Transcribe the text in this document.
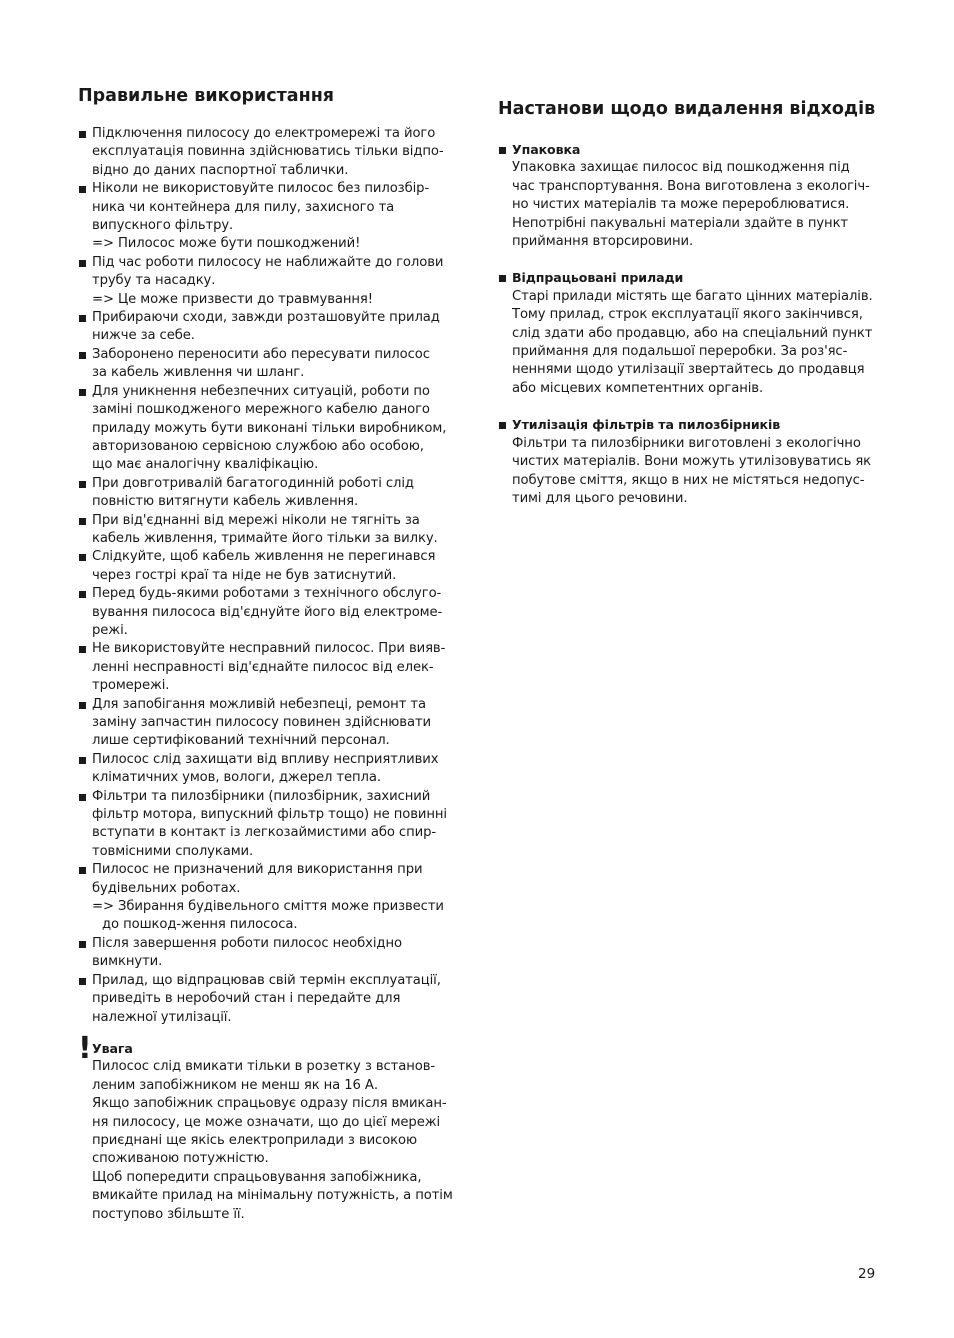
Правильне використання
Підключення пилососу до електромережі та його
експлуатація повинна здійснюватись тільки відпо-
відно до даних паспортної таблички.
Ніколи не використовуйте пилосос без пилозбір-
ника чи контейнера для пилу, захисного та
випускного фільтру.
=> Пилосос може бути пошкоджений!
Під час роботи пилососу не наближайте до голови
трубу та насадку.
=> Це може призвести до травмування!
Прибираючи сходи, завжди розташовуйте прилад
нижче за себе.
Заборонено переносити або пересувати пилосос
за кабель живлення чи шланг.
Для уникнення небезпечних ситуацій, роботи по
заміні пошкодженого мережного кабелю даного
приладу можуть бути виконані тільки виробником,
авторизованою сервісною службою або особою,
що має аналогічну кваліфікацію.
При довготривалій багатогодинній роботі слід
повністю витягнути кабель живлення.
При від'єднанні від мережі ніколи не тягніть за
кабель живлення, тримайте його тільки за вилку.
Слідкуйте, щоб кабель живлення не перегинався
через гострі краї та ніде не був затиснутий.
Перед будь-якими роботами з технічного обслуго-
вування пилососа від'єднуйте його від електроме-
режі.
Не використовуйте несправний пилосос. При вияв-
ленні несправності від'єднайте пилосос від елек-
тромережі.
Для запобігання можливій небезпеці, ремонт та
заміну запчастин пилососу повинен здійснювати
лише сертифікований технічний персонал.
Пилосос слід захищати від впливу несприятливих
кліматичних умов, вологи, джерел тепла.
Фільтри та пилозбірники (пилозбірник, захисний
фільтр мотора, випускний фільтр тощо) не повинні
вступати в контакт із легкозаймистими або спир-
товмісними сполуками.
Пилосос не призначений для використання при
будівельних роботах.
=> Збирання будівельного сміття може призвести
до пошкод-ження пилососа.
Після завершення роботи пилосос необхідно
вимкнути.
Прилад, що відпрацював свій термін експлуатації,
приведіть в неробочий стан і передайте для
належної утилізації.
! Увага
Пилосос слід вмикати тільки в розетку з встанов-
леним запобіжником не менш як на 16 А.
Якщо запобіжник спрацьовує одразу після вмикан-
ня пилососу, це може означати, що до цієї мережі
приєднані ще якісь електроприлади з високою
споживаною потужністю.
Щоб попередити спрацьовування запобіжника,
вмикайте прилад на мінімальну потужність, а потім
поступово збільште її.
Настанови щодо видалення відходів
Упаковка
Упаковка захищає пилосос від пошкодження під
час транспортування. Вона виготовлена з екологіч-
но чистих матеріалів та може перероблюватися.
Непотрібні пакувальні матеріали здайте в пункт
приймання вторсировини.
Відпрацьовані прилади
Старі прилади містять ще багато цінних матеріалів.
Тому прилад, строк експлуатації якого закінчився,
слід здати або продавцю, або на спеціальний пункт
приймання для подальшої переробки. За роз'яс-
неннями щодо утилізації звертайтесь до продавця
або місцевих компетентних органів.
Утилізація фільтрів та пилозбірників
Фільтри та пилозбірники виготовлені з екологічно
чистих матеріалів. Вони можуть утилізовуватись як
побутове сміття, якщо в них не містяться недопус-
тимі для цього речовини.
29
